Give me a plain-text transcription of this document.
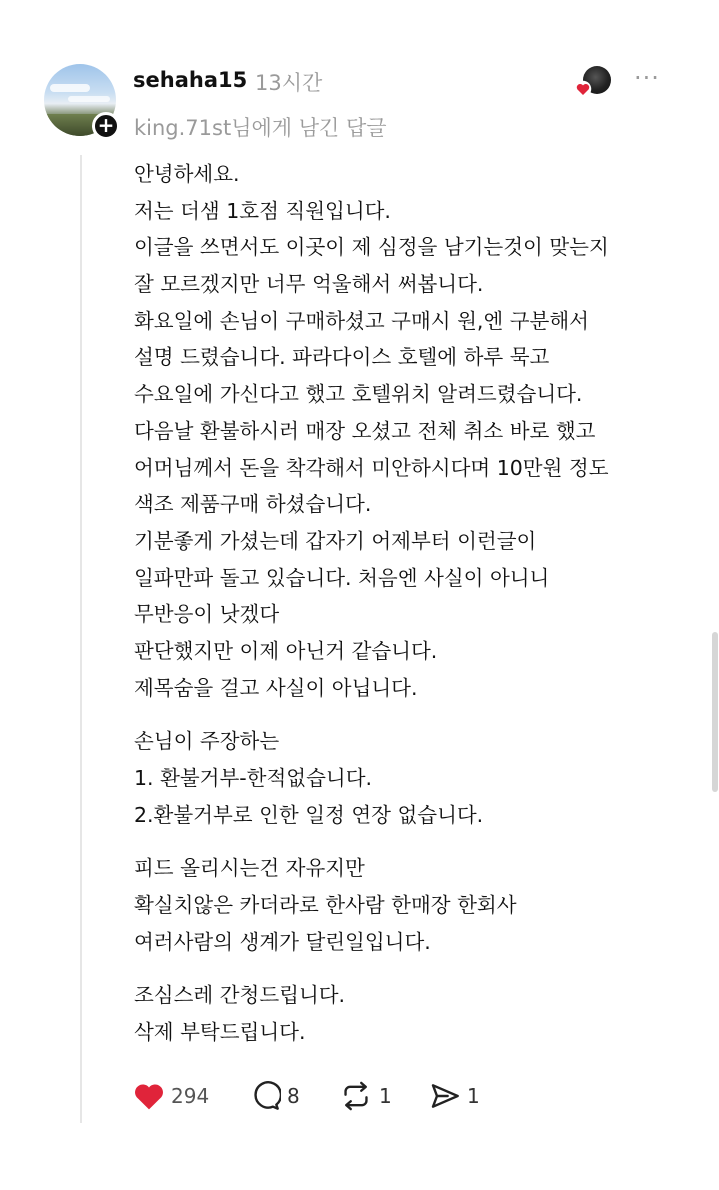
+
sehaha15 13시간
king.71st님에게 남긴 답글
···
안녕하세요.
저는 더샘 1호점 직원입니다.
이글을 쓰면서도 이곳이 제 심정을 남기는것이 맞는지
잘 모르겠지만 너무 억울해서 써봅니다.
화요일에 손님이 구매하셨고 구매시 원,엔 구분해서
설명 드렸습니다. 파라다이스 호텔에 하루 묵고
수요일에 가신다고 했고 호텔위치 알려드렸습니다.
다음날 환불하시러 매장 오셨고 전체 취소 바로 했고
어머님께서 돈을 착각해서 미안하시다며 10만원 정도
색조 제품구매 하셨습니다.
기분좋게 가셨는데 갑자기 어제부터 이런글이
일파만파 돌고 있습니다. 처음엔 사실이 아니니
무반응이 낫겠다
판단했지만 이제 아닌거 같습니다.
제목숨을 걸고 사실이 아닙니다.
손님이 주장하는
1. 환불거부-한적없습니다.
2.환불거부로 인한 일정 연장 없습니다.
피드 올리시는건 자유지만
확실치않은 카더라로 한사람 한매장 한회사
여러사람의 생계가 달린일입니다.
조심스레 간청드립니다.
삭제 부탁드립니다.
294	8	1	1
